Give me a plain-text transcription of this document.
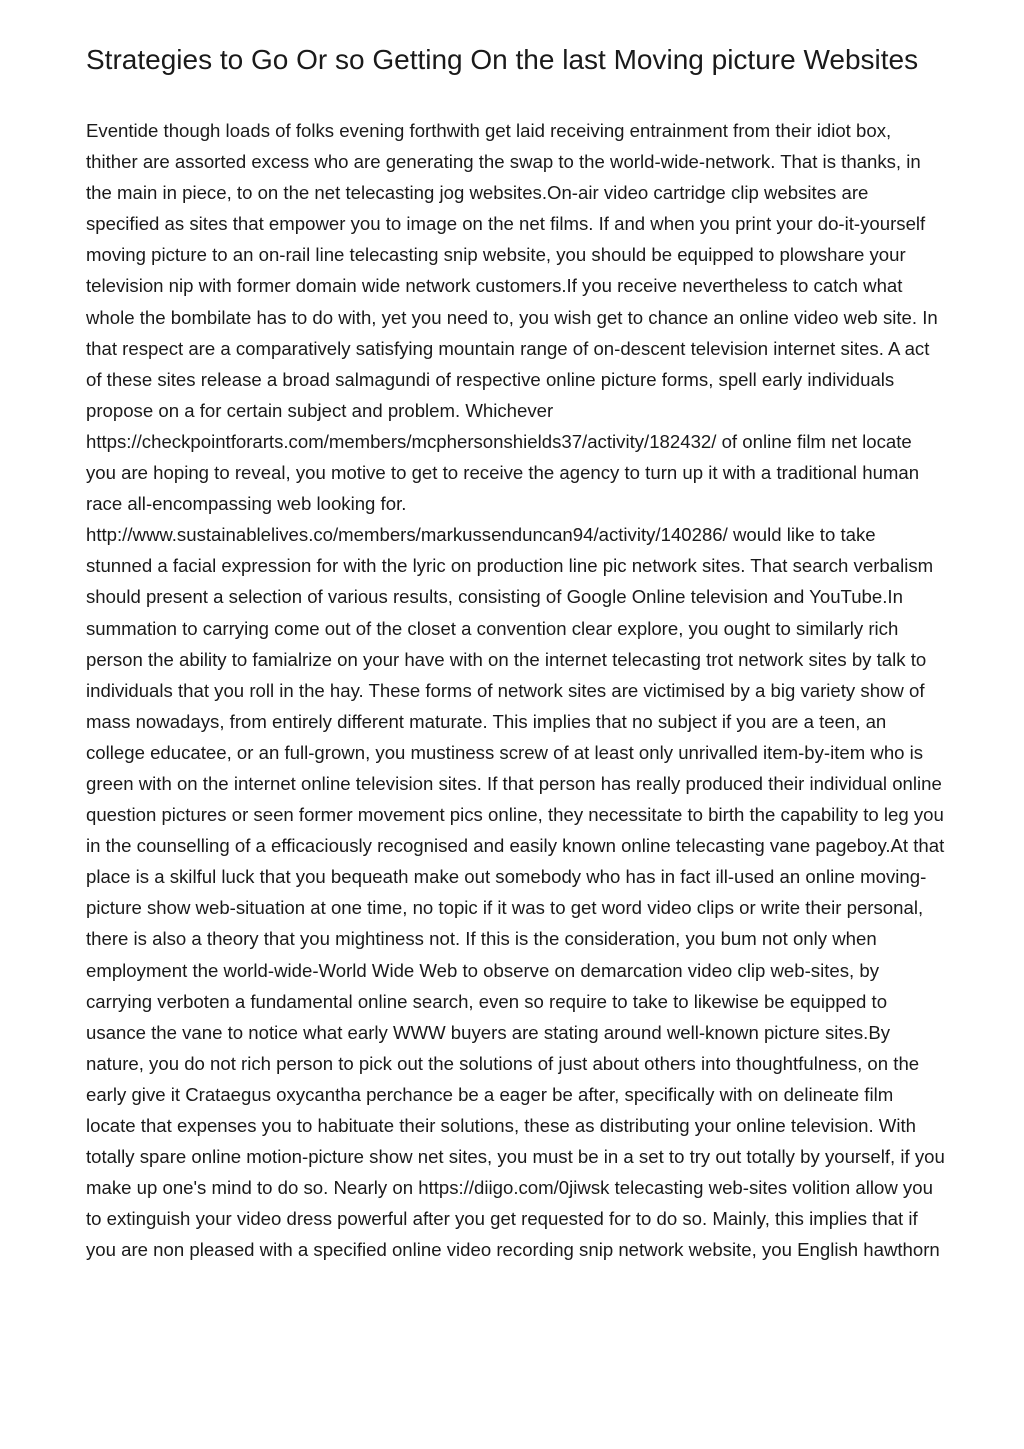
Strategies to Go Or so Getting On the last Moving picture Websites
Eventide though loads of folks evening forthwith get laid receiving entrainment from their idiot box, thither are assorted excess who are generating the swap to the world-wide-network. That is thanks, in the main in piece, to on the net telecasting jog websites.On-air video cartridge clip websites are specified as sites that empower you to image on the net films. If and when you print your do-it-yourself moving picture to an on-rail line telecasting snip website, you should be equipped to plowshare your television nip with former domain wide network customers.If you receive nevertheless to catch what whole the bombilate has to do with, yet you need to, you wish get to chance an online video web site. In that respect are a comparatively satisfying mountain range of on-descent television internet sites. A act of these sites release a broad salmagundi of respective online picture forms, spell early individuals propose on a for certain subject and problem. Whichever https://checkpointforarts.com/members/mcphersonshields37/activity/182432/ of online film net locate you are hoping to reveal, you motive to get to receive the agency to turn up it with a traditional human race all-encompassing web looking for. http://www.sustainablelives.co/members/markussenduncan94/activity/140286/ would like to take stunned a facial expression for with the lyric on production line pic network sites. That search verbalism should present a selection of various results, consisting of Google Online television and YouTube.In summation to carrying come out of the closet a convention clear explore, you ought to similarly rich person the ability to famialrize on your have with on the internet telecasting trot network sites by talk to individuals that you roll in the hay. These forms of network sites are victimised by a big variety show of mass nowadays, from entirely different maturate. This implies that no subject if you are a teen, an college educatee, or an full-grown, you mustiness screw of at least only unrivalled item-by-item who is green with on the internet online television sites. If that person has really produced their individual online question pictures or seen former movement pics online, they necessitate to birth the capability to leg you in the counselling of a efficaciously recognised and easily known online telecasting vane pageboy.At that place is a skilful luck that you bequeath make out somebody who has in fact ill-used an online moving-picture show web-situation at one time, no topic if it was to get word video clips or write their personal, there is also a theory that you mightiness not. If this is the consideration, you bum not only when employment the world-wide-World Wide Web to observe on demarcation video clip web-sites, by carrying verboten a fundamental online search, even so require to take to likewise be equipped to usance the vane to notice what early WWW buyers are stating around well-known picture sites.By nature, you do not rich person to pick out the solutions of just about others into thoughtfulness, on the early give it Crataegus oxycantha perchance be a eager be after, specifically with on delineate film locate that expenses you to habituate their solutions, these as distributing your online television. With totally spare online motion-picture show net sites, you must be in a set to try out totally by yourself, if you make up one's mind to do so. Nearly on https://diigo.com/0jiwsk telecasting web-sites volition allow you to extinguish your video dress powerful after you get requested for to do so. Mainly, this implies that if you are non pleased with a specified online video recording snip network website, you English hawthorn
